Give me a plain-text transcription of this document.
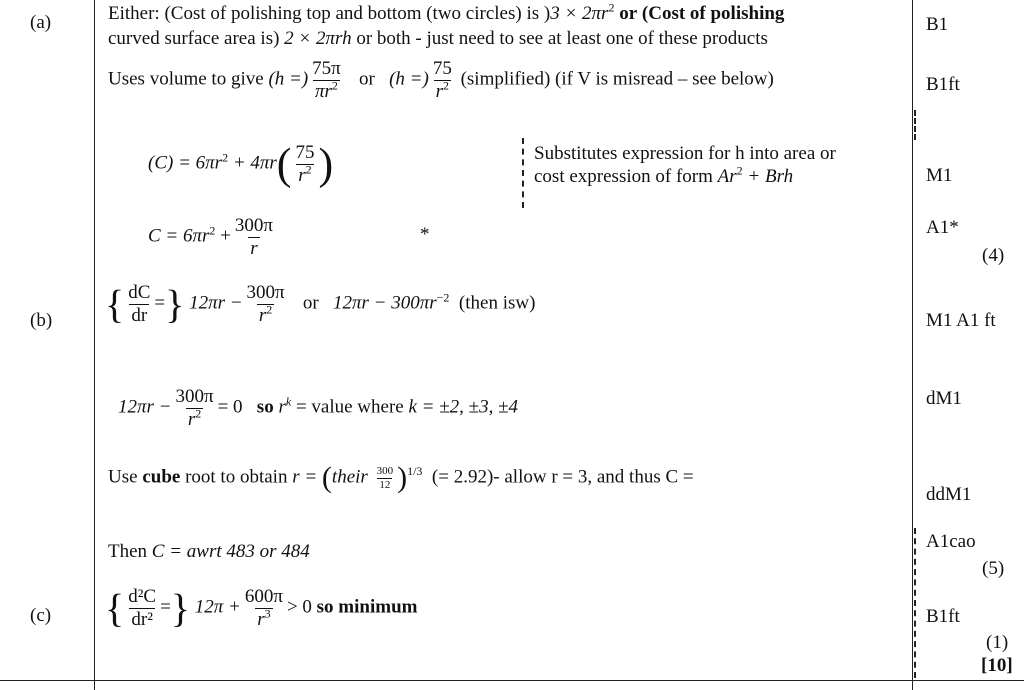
(a)
(b)
(c)
Either: (Cost of polishing top and bottom (two circles) is )$3 \times 2\pi r^2$ or (Cost of polishing
curved surface area is) 2 × 2πrh or both - just need to see at least one of these products
Uses volume to give (h =) $\frac{75\pi}{\pi r^2}$ or (h =) $\frac{75}{r^2}$ (simplified) (if V is misread – see below)
$(C) = 6\pi r^2 + 4\pi r( \frac{75}{r^2}$ )	Substitutes expression for h into area or
cost expression of form $Ar^2$ + Brh
$C = 6\pi r^2 + \frac{300\pi}{r}$	*
{ $\frac{dC}{dr}$ =} $12\pi r - \frac{300\pi}{r^2}$ or $12\pi r - 300\pi r^{-2}$ (then isw)
$12\pi r - \frac{300\pi}{r^2} = 0$ so $r^k$ = value where k = ±2, ±3, ±4
Use cube root to obtain r = (their $\frac{300}{12} )^{1/3}$ (= 2.92)- allow r = 3, and thus C =
Then C = awrt 483 or 484
{ $\frac{\text{d²C}}{\text{dr²}}$ =} $12\pi + \frac{600\pi}{r^3} > 0$ so minimum
B1
B1ft
M1
A1*
(4)
M1 A1 ft
dM1
ddM1
A1cao
(5)
B1ft
(1)
[10]
